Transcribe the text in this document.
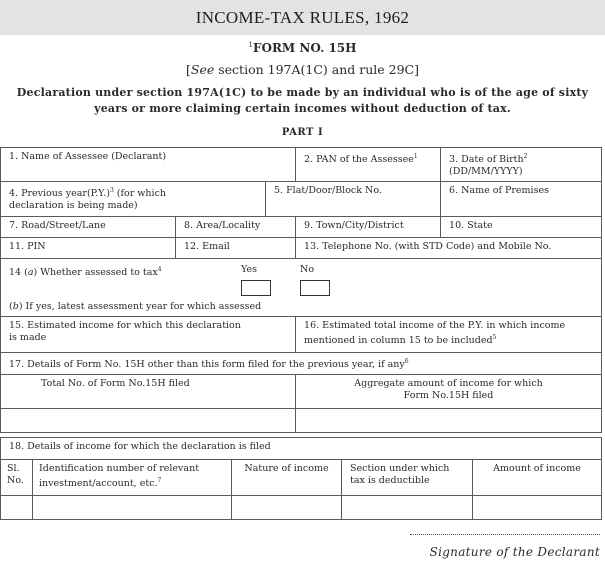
INCOME-TAX RULES, 1962
$^1$FORM NO. 15H
[See section 197A(1C) and rule 29C]
Declaration under section 197A(1C) to be made by an individual who is of the age of sixty years or more claiming certain incomes without deduction of tax.
PART I
1. Name of Assessee (Declarant)			2. PAN of the Assessee$^1$	3. Date of Birth$^2$
(DD/MM/YYYY)
4. Previous $year(P.Y.)^3$ (for which
declaration is being made)		5. Flat/Door/Block No.		6. Name of Premises
7. Road/Street/Lane	8. Area/Locality		9. Town/City/District	10. State
11. PIN	12. Email		13. Telephone No. (with STD Code) and Mobile No.	

14 (a) Whether assessed to tax$^4$ Yes No
(b) If yes, latest assessment year for which assessed				

15. Estimated income for which this declaration
is made			16. Estimated total income of the P.Y. in which income
mentioned in column 15 to be included$^5$
17. Details of Form No. 15H other than this form filed for the previous year, if any$^6$
Total No. of Form No.15H filed			Aggregate amount of income for which
Form No.15H filed	

18. Details of income for which the declaration is filed				
Sl.
No.	Identification number of relevant
investment/account, etc.$^7$	Nature of income	Section under which
tax is deductible	Amount of income

Signature of the Declarant
